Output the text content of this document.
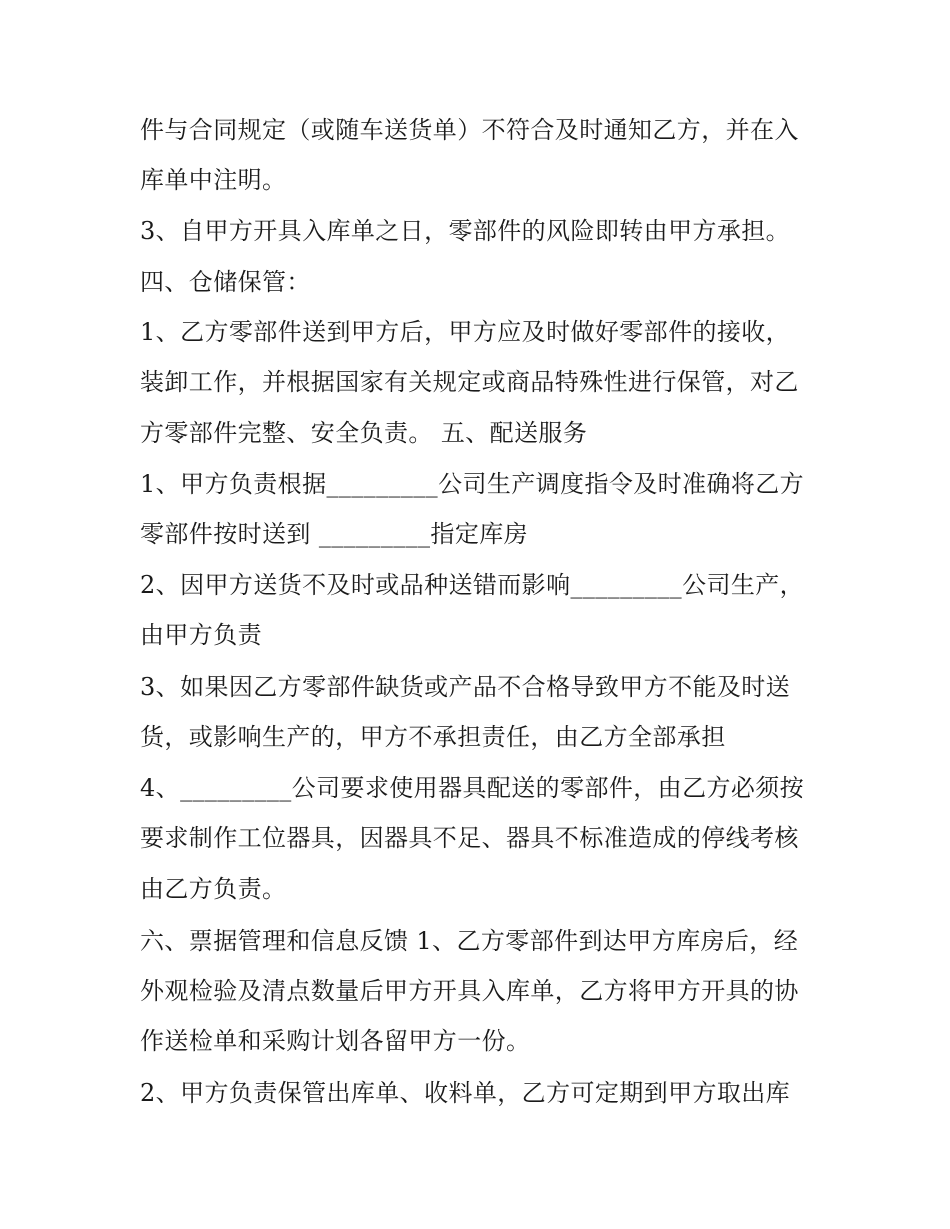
件与合同规定（或随车送货单）不符合及时通知乙方，并在入
库单中注明。
3、自甲方开具入库单之日，零部件的风险即转由甲方承担。
四、仓储保管：
1、乙方零部件送到甲方后，甲方应及时做好零部件的接收，
装卸工作，并根据国家有关规定或商品特殊性进行保管，对乙
方零部件完整、安全负责。 五、配送服务
1、甲方负责根据_________公司生产调度指令及时准确将乙方
零部件按时送到 _________指定库房
2、因甲方送货不及时或品种送错而影响_________公司生产，
由甲方负责
3、如果因乙方零部件缺货或产品不合格导致甲方不能及时送
货，或影响生产的，甲方不承担责任，由乙方全部承担
4、_________公司要求使用器具配送的零部件，由乙方必须按
要求制作工位器具，因器具不足、器具不标准造成的停线考核
由乙方负责。
六、票据管理和信息反馈 1、乙方零部件到达甲方库房后，经
外观检验及清点数量后甲方开具入库单，乙方将甲方开具的协
作送检单和采购计划各留甲方一份。
2、甲方负责保管出库单、收料单，乙方可定期到甲方取出库
